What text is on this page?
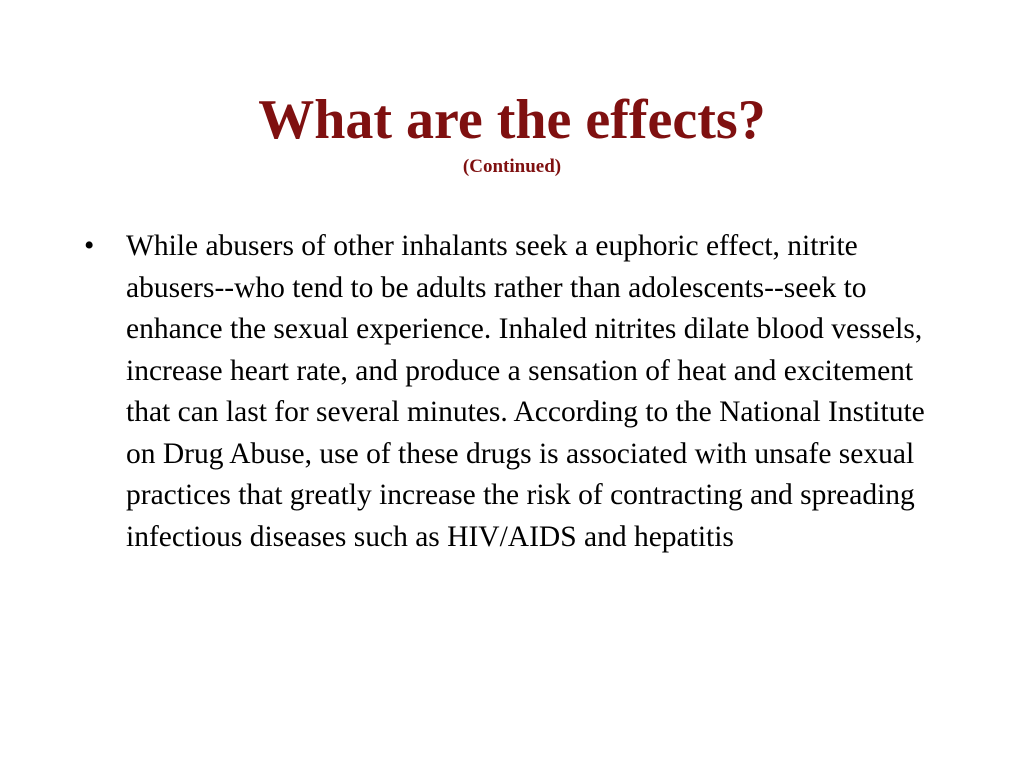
What are the effects?
(Continued)
•	While abusers of other inhalants seek a euphoric effect, nitrite abusers--who tend to be adults rather than adolescents--seek to enhance the sexual experience. Inhaled nitrites dilate blood vessels, increase heart rate, and produce a sensation of heat and excitement that can last for several minutes. According to the National Institute on Drug Abuse, use of these drugs is associated with unsafe sexual practices that greatly increase the risk of contracting and spreading infectious diseases such as HIV/AIDS and hepatitis
